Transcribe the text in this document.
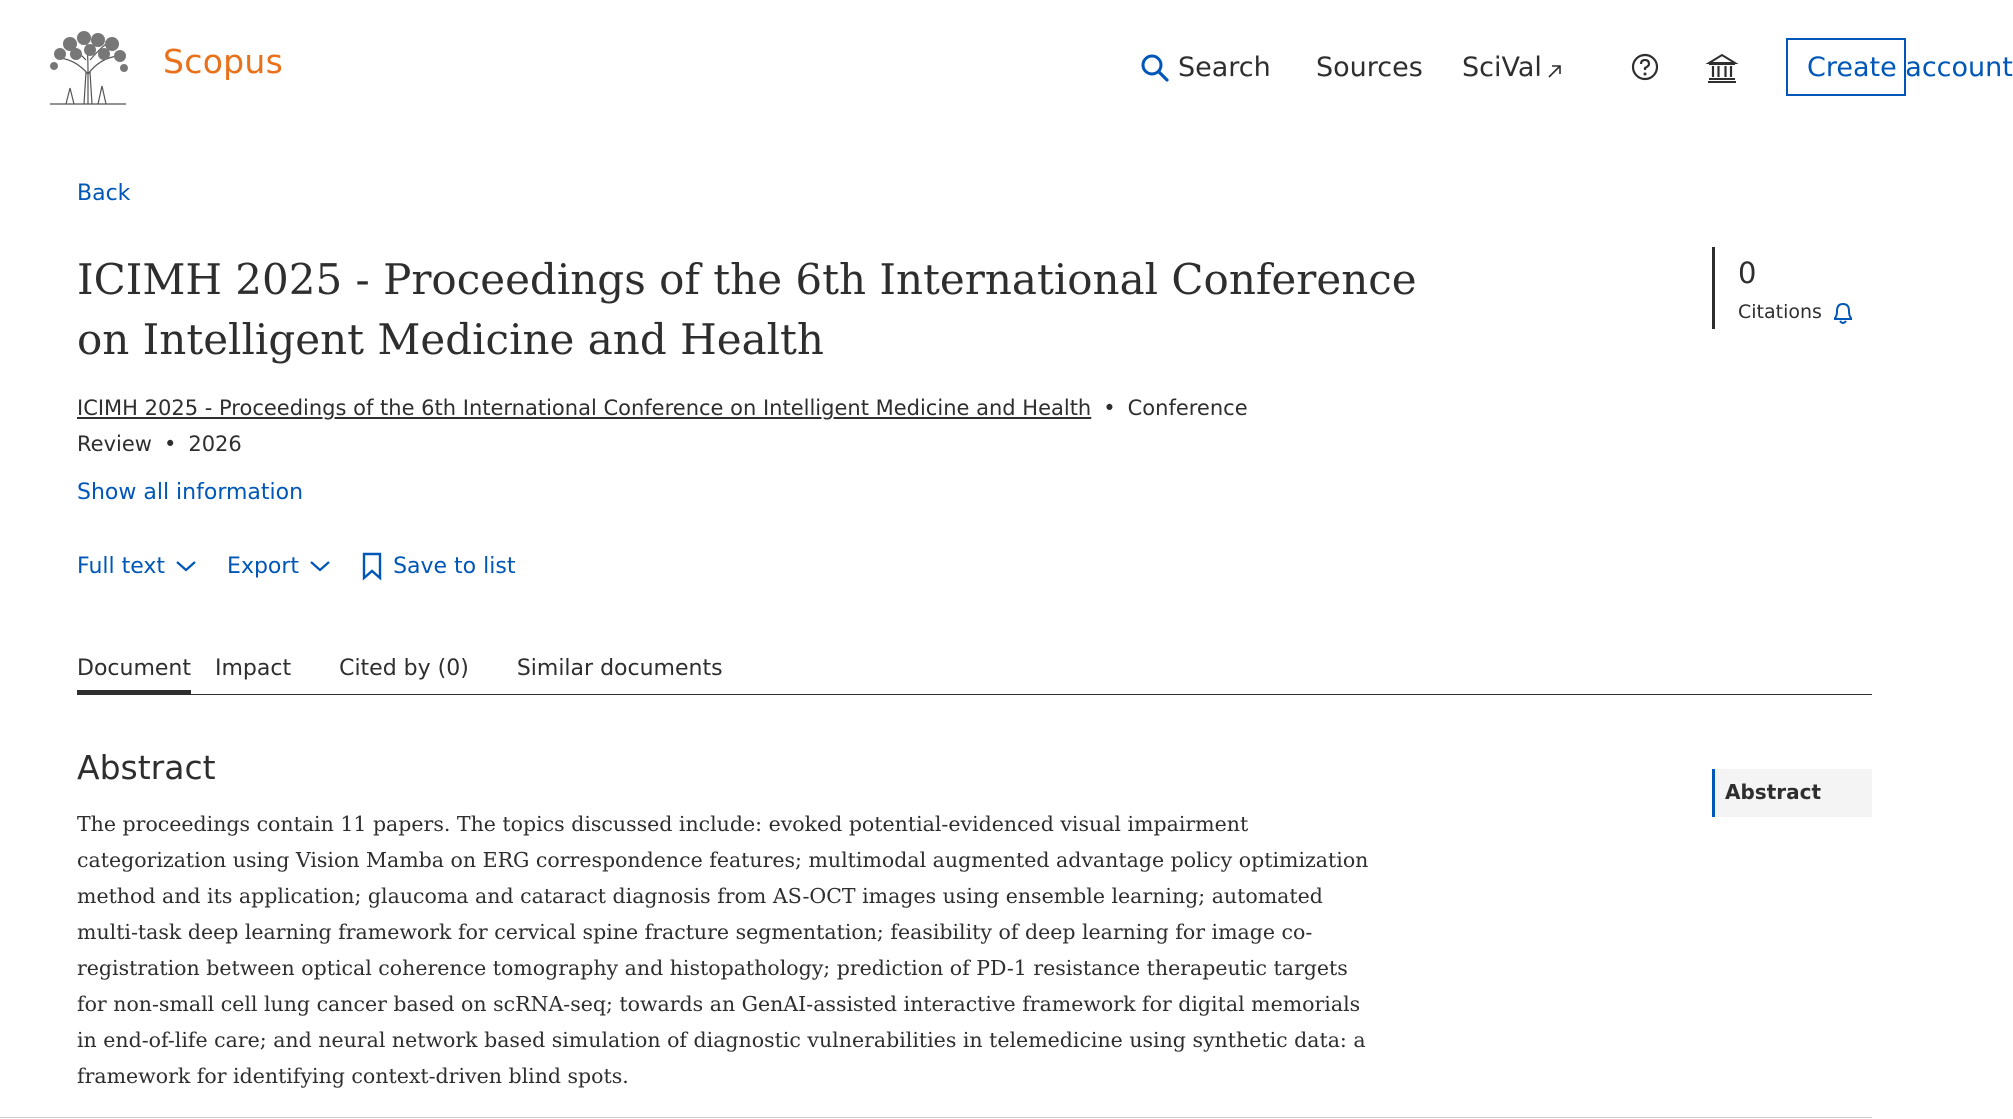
Scopus	Search Sources SciVal	Create account
Back
ICIMH 2025 - Proceedings of the 6th International Conference on Intelligent Medicine and Health
ICIMH 2025 - Proceedings of the 6th International Conference on Intelligent Medicine and Health • Conference
Review • 2026
Show all information
Full text	Export	Save to list
0
Citations
Document Impact Cited by (0) Similar documents
Abstract

The proceedings contain 11 papers. The topics discussed include: evoked potential-evidenced visual impairment categorization using Vision Mamba on ERG correspondence features; multimodal augmented advantage policy optimization method and its application; glaucoma and cataract diagnosis from AS-OCT images using ensemble learning; automated multi-task deep learning framework for cervical spine fracture segmentation; feasibility of deep learning for image co-registration between optical coherence tomography and histopathology; prediction of PD-1 resistance therapeutic targets for non-small cell lung cancer based on scRNA-seq; towards an GenAI-assisted interactive framework for digital memorials in end-of-life care; and neural network based simulation of diagnostic vulnerabilities in telemedicine using synthetic data: a framework for identifying context-driven blind spots.

Abstract
